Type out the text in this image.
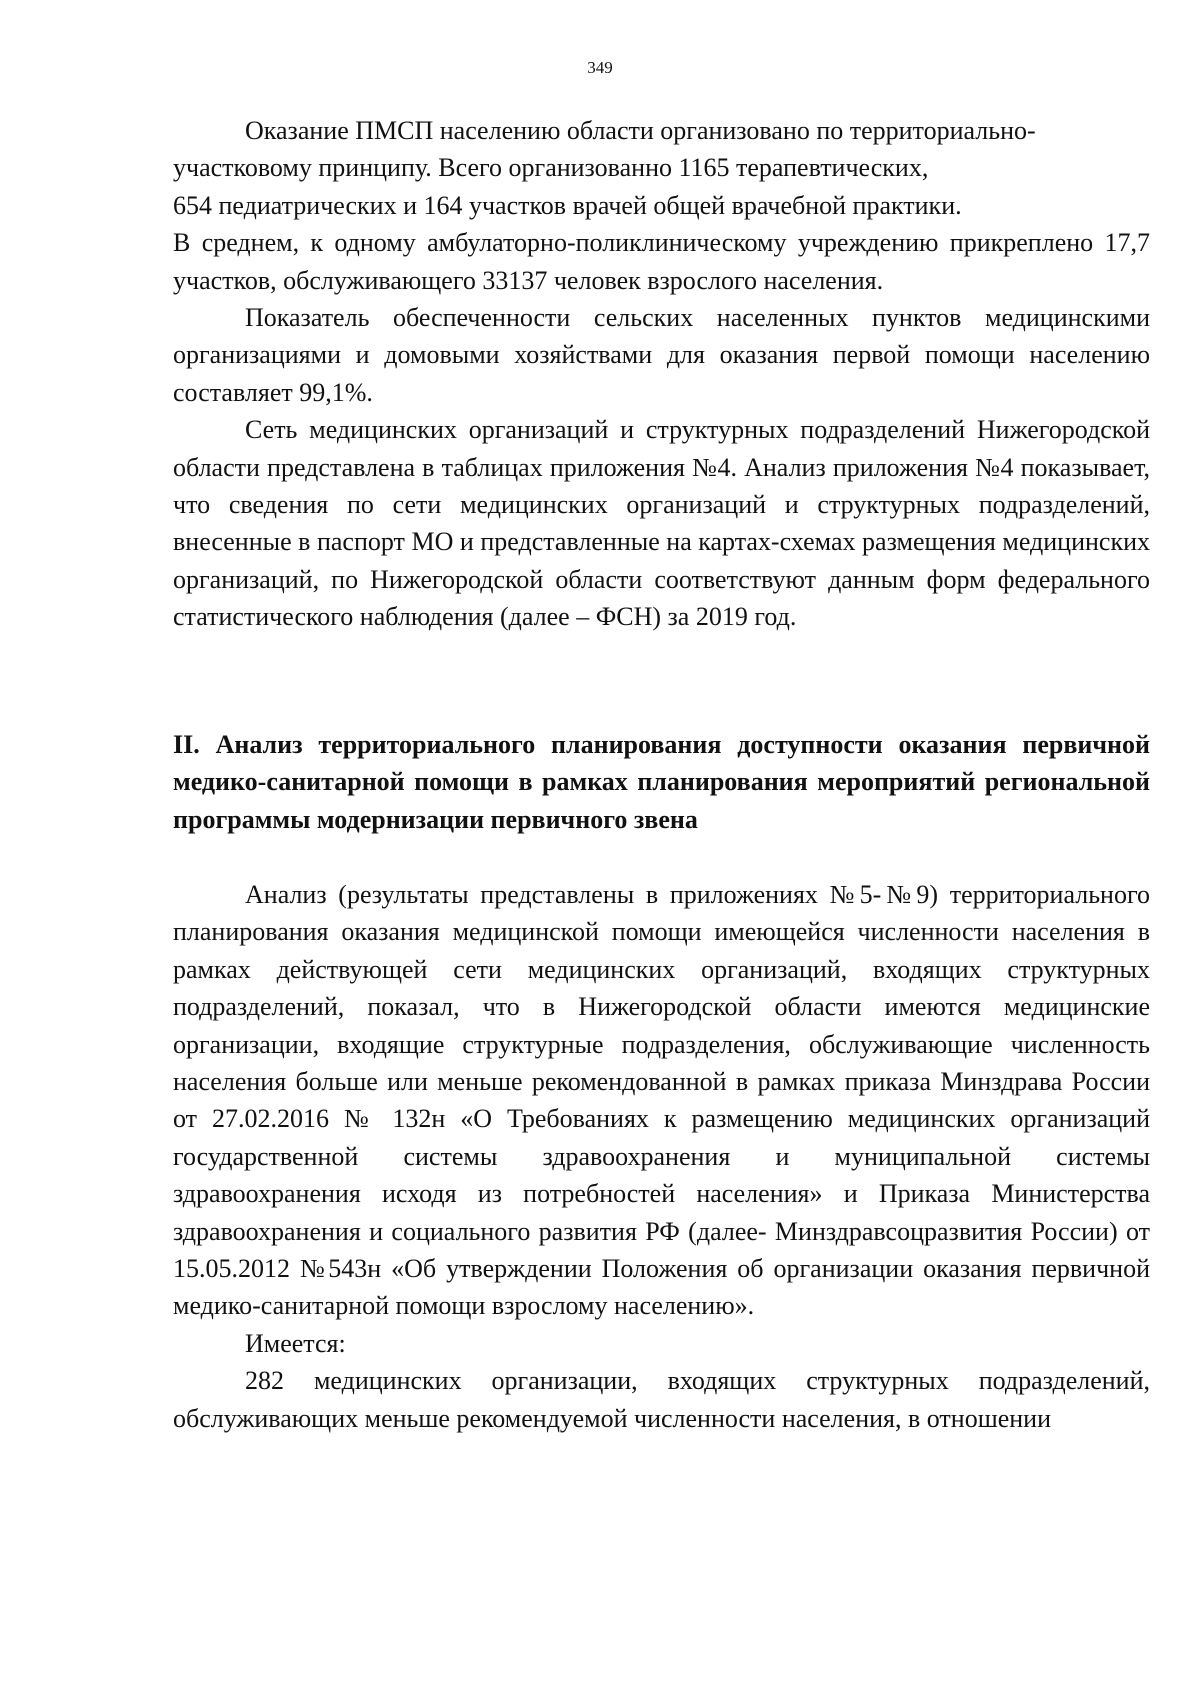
349

Оказание ПМСП населению области организовано по территориально-

участковому принципу. Всего организованно 1165 терапевтических,

654 педиатрических и 164 участков врачей общей врачебной практики.

В среднем, к одному амбулаторно-поликлиническому учреждению прикреплено 17,7 участков, обслуживающего 33137 человек взрослого населения.

Показатель обеспеченности сельских населенных пунктов медицинскими организациями и домовыми хозяйствами для оказания первой помощи населению составляет 99,1%.

Сеть медицинских организаций и структурных подразделений Нижегородской области представлена в таблицах приложения №4. Анализ приложения №4 показывает, что сведения по сети медицинских организаций и структурных подразделений, внесенные в паспорт МО и представленные на картах-схемах размещения медицинских организаций, по Нижегородской области соответствуют данным форм федерального статистического наблюдения (далее – ФСН) за 2019 год.

II. Анализ территориального планирования доступности оказания первичной медико-санитарной помощи в рамках планирования мероприятий региональной программы модернизации первичного звена

Анализ (результаты представлены в приложениях №5-№9) территориального планирования оказания медицинской помощи имеющейся численности населения в рамках действующей сети медицинских организаций, входящих структурных подразделений, показал, что в Нижегородской области имеются медицинские организации, входящие структурные подразделения, обслуживающие численность населения больше или меньше рекомендованной в рамках приказа Минздрава России от 27.02.2016 № 132н «О Требованиях к размещению медицинских организаций государственной системы здравоохранения и муниципальной системы здравоохранения исходя из потребностей населения» и Приказа Министерства здравоохранения и социального развития РФ (далее- Минздравсоцразвития России) от 15.05.2012 №543н «Об утверждении Положения об организации оказания первичной медико-санитарной помощи взрослому населению».

Имеется:

282 медицинских организации, входящих структурных подразделений, обслуживающих меньше рекомендуемой численности населения, в отношении
